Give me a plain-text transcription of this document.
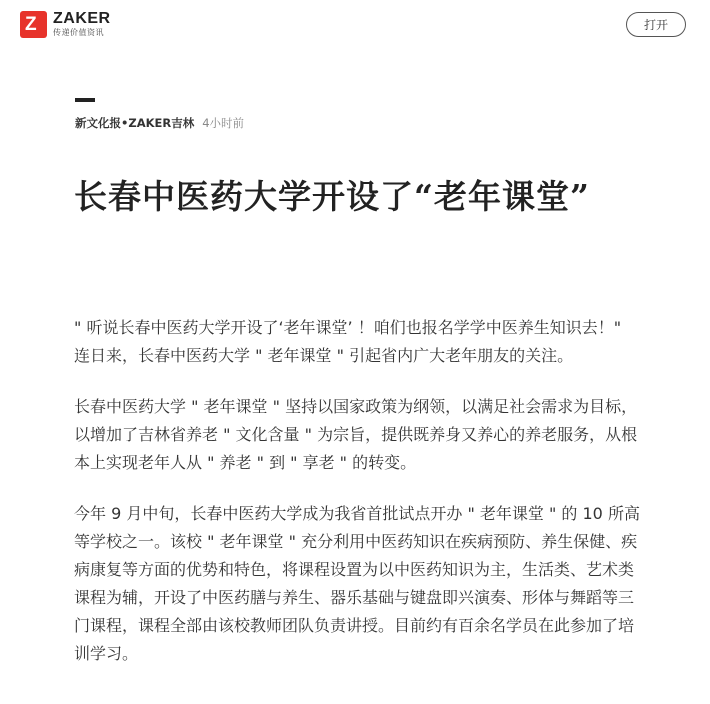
Z ZAKER
传递价值资讯
打开
新文化报•ZAKER吉林 4小时前
长春中医药大学开设了“老年课堂”

" 听说长春中医药大学开设了‘老年课堂’ ！咱们也报名学学中医养生知识去！" 连日来，长春中医药大学 " 老年课堂 " 引起省内广大老年朋友的关注。

长春中医药大学 " 老年课堂 " 坚持以国家政策为纲领，以满足社会需求为目标，以增加了吉林省养老 " 文化含量 " 为宗旨，提供既养身又养心的养老服务，从根本上实现老年人从 " 养老 " 到 " 享老 " 的转变。

今年 9 月中旬，长春中医药大学成为我省首批试点开办 " 老年课堂 " 的 10 所高等学校之一。该校 " 老年课堂 " 充分利用中医药知识在疾病预防、养生保健、疾病康复等方面的优势和特色，将课程设置为以中医药知识为主，生活类、艺术类课程为辅，开设了中医药膳与养生、器乐基础与键盘即兴演奏、形体与舞蹈等三门课程，课程全部由该校教师团队负责讲授。目前约有百余名学员在此参加了培训学习。
